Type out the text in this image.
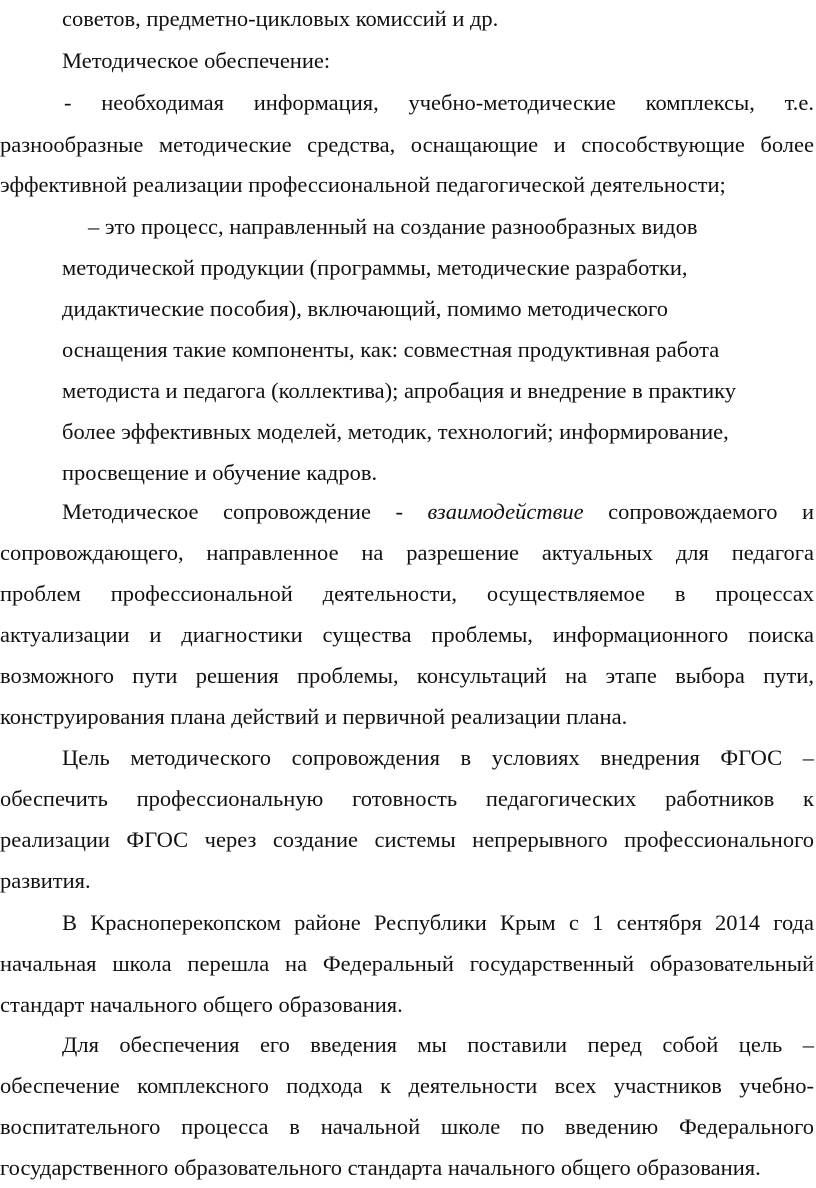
советов, предметно-цикловых комиссий и др.
Методическое обеспечение:
- необходимая информация, учебно-методические комплексы, т.е.
разнообразные методические средства, оснащающие и способствующие более
эффективной реализации профессиональной педагогической деятельности;
– это процесс, направленный на создание разнообразных видов
методической продукции (программы, методические разработки,
дидактические пособия), включающий, помимо методического
оснащения такие компоненты, как: совместная продуктивная работа
методиста и педагога (коллектива); апробация и внедрение в практику
более эффективных моделей, методик, технологий; информирование,
просвещение и обучение кадров.
Методическое сопровождение - взаимодействие сопровождаемого и
сопровождающего, направленное на разрешение актуальных для педагога
проблем профессиональной деятельности, осуществляемое в процессах
актуализации и диагностики существа проблемы, информационного поиска
возможного пути решения проблемы, консультаций на этапе выбора пути,
конструирования плана действий и первичной реализации плана.
Цель методического сопровождения в условиях внедрения ФГОС –
обеспечить профессиональную готовность педагогических работников к
реализации ФГОС через создание системы непрерывного профессионального
развития.
В Красноперекопском районе Республики Крым с 1 сентября 2014 года
начальная школа перешла на Федеральный государственный образовательный
стандарт начального общего образования.
Для обеспечения его введения мы поставили перед собой цель –
обеспечение комплексного подхода к деятельности всех участников учебно-
воспитательного процесса в начальной школе по введению Федерального
государственного образовательного стандарта начального общего образования.
